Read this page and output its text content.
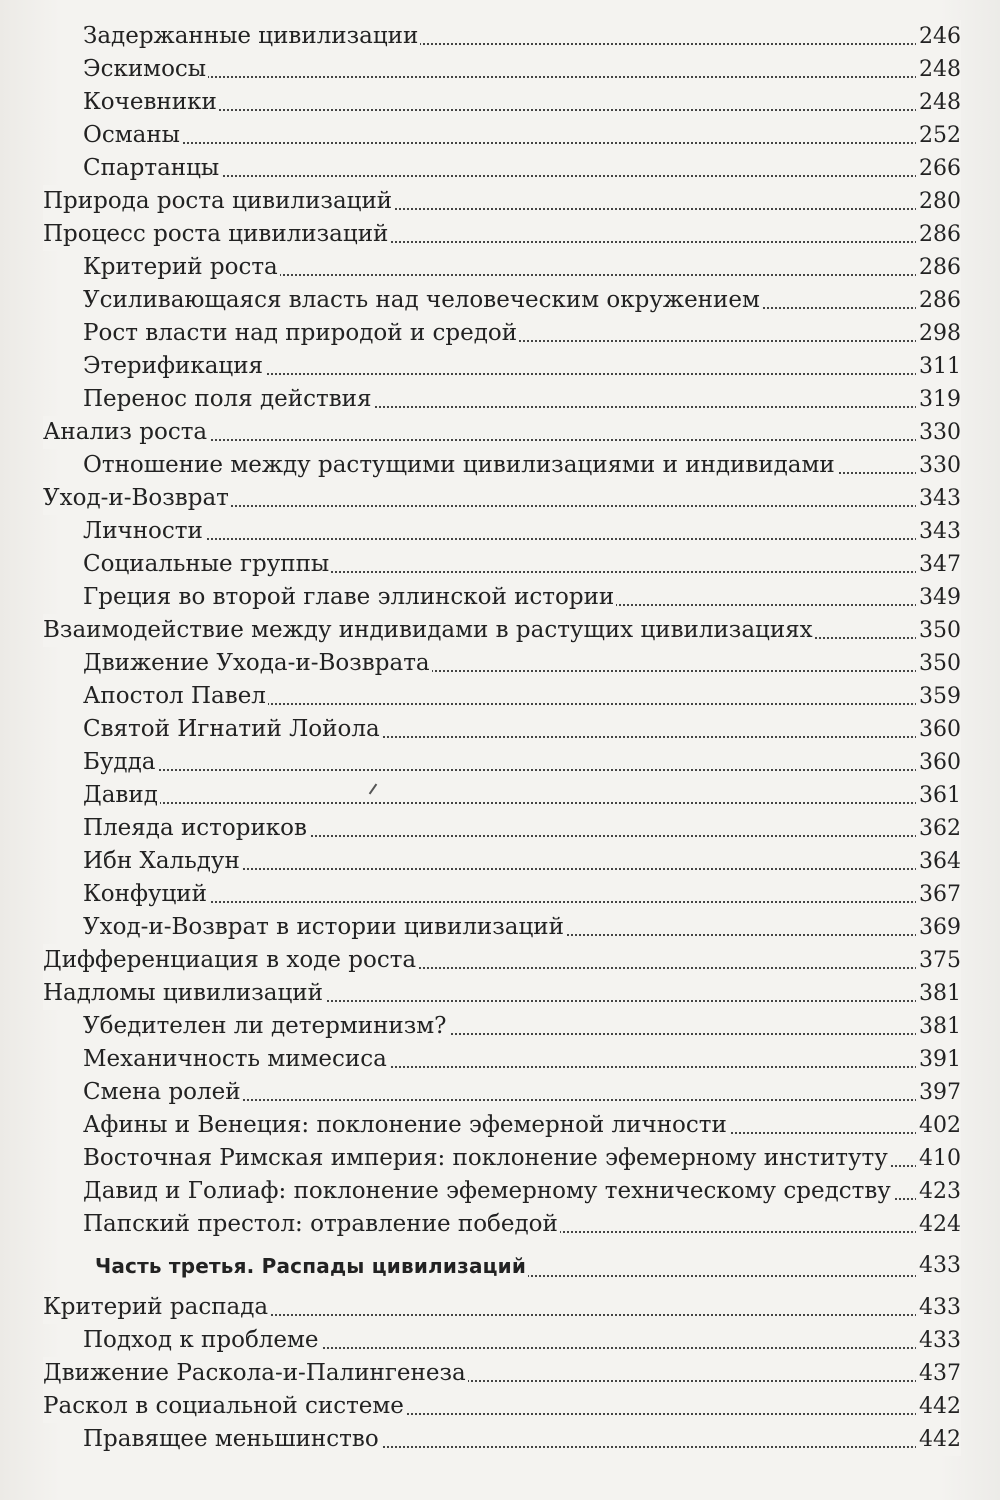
Задержанные цивилизации	246
Эскимосы	248
Кочевники	248
Османы	252
Спартанцы	266
Природа роста цивилизаций	280
Процесс роста цивилизаций	286
Критерий роста	286
Усиливающаяся власть над человеческим окружением	286
Рост власти над природой и средой	298
Этерификация	311
Перенос поля действия	319
Анализ роста	330
Отношение между растущими цивилизациями и индивидами	330
Уход-и-Возврат	343
Личности	343
Социальные группы	347
Греция во второй главе эллинской истории	349
Взаимодействие между индивидами в растущих цивилизациях	350
Движение Ухода-и-Возврата	350
Апостол Павел	359
Святой Игнатий Лойола	360
Будда	360
Давид	361
Плеяда историков	362
Ибн Хальдун	364
Конфуций	367
Уход-и-Возврат в истории цивилизаций	369
Дифференциация в ходе роста	375
Надломы цивилизаций	381
Убедителен ли детерминизм?	381
Механичность мимесиса	391
Смена ролей	397
Афины и Венеция: поклонение эфемерной личности	402
Восточная Римская империя: поклонение эфемерному институту 410
Давид и Голиаф: поклонение эфемерному техническому средству 423
Папский престол: отравление победой	424
Часть третья. Распады цивилизаций	433
Критерий распада	433
Подход к проблеме	433
Движение Раскола-и-Палингенеза	437
Раскол в социальной системе	442
Правящее меньшинство	442
